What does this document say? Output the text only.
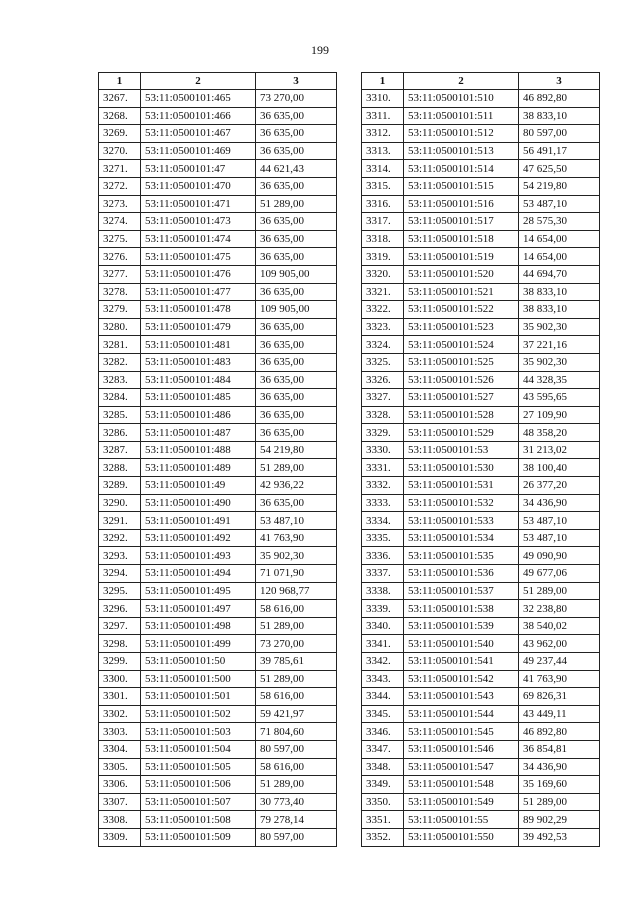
199
1	2	3
3267.	53:11:0500101:465	73 270,00
3268.	53:11:0500101:466	36 635,00
3269.	53:11:0500101:467	36 635,00
3270.	53:11:0500101:469	36 635,00
3271.	53:11:0500101:47	44 621,43
3272.	53:11:0500101:470	36 635,00
3273.	53:11:0500101:471	51 289,00
3274.	53:11:0500101:473	36 635,00
3275.	53:11:0500101:474	36 635,00
3276.	53:11:0500101:475	36 635,00
3277.	53:11:0500101:476	109 905,00
3278.	53:11:0500101:477	36 635,00
3279.	53:11:0500101:478	109 905,00
3280.	53:11:0500101:479	36 635,00
3281.	53:11:0500101:481	36 635,00
3282.	53:11:0500101:483	36 635,00
3283.	53:11:0500101:484	36 635,00
3284.	53:11:0500101:485	36 635,00
3285.	53:11:0500101:486	36 635,00
3286.	53:11:0500101:487	36 635,00
3287.	53:11:0500101:488	54 219,80
3288.	53:11:0500101:489	51 289,00
3289.	53:11:0500101:49	42 936,22
3290.	53:11:0500101:490	36 635,00
3291.	53:11:0500101:491	53 487,10
3292.	53:11:0500101:492	41 763,90
3293.	53:11:0500101:493	35 902,30
3294.	53:11:0500101:494	71 071,90
3295.	53:11:0500101:495	120 968,77
3296.	53:11:0500101:497	58 616,00
3297.	53:11:0500101:498	51 289,00
3298.	53:11:0500101:499	73 270,00
3299.	53:11:0500101:50	39 785,61
3300.	53:11:0500101:500	51 289,00
3301.	53:11:0500101:501	58 616,00
3302.	53:11:0500101:502	59 421,97
3303.	53:11:0500101:503	71 804,60
3304.	53:11:0500101:504	80 597,00
3305.	53:11:0500101:505	58 616,00
3306.	53:11:0500101:506	51 289,00
3307.	53:11:0500101:507	30 773,40
3308.	53:11:0500101:508	79 278,14
3309.	53:11:0500101:509	80 597,00
1	2	3
3310.	53:11:0500101:510	46 892,80
3311.	53:11:0500101:511	38 833,10
3312.	53:11:0500101:512	80 597,00
3313.	53:11:0500101:513	56 491,17
3314.	53:11:0500101:514	47 625,50
3315.	53:11:0500101:515	54 219,80
3316.	53:11:0500101:516	53 487,10
3317.	53:11:0500101:517	28 575,30
3318.	53:11:0500101:518	14 654,00
3319.	53:11:0500101:519	14 654,00
3320.	53:11:0500101:520	44 694,70
3321.	53:11:0500101:521	38 833,10
3322.	53:11:0500101:522	38 833,10
3323.	53:11:0500101:523	35 902,30
3324.	53:11:0500101:524	37 221,16
3325.	53:11:0500101:525	35 902,30
3326.	53:11:0500101:526	44 328,35
3327.	53:11:0500101:527	43 595,65
3328.	53:11:0500101:528	27 109,90
3329.	53:11:0500101:529	48 358,20
3330.	53:11:0500101:53	31 213,02
3331.	53:11:0500101:530	38 100,40
3332.	53:11:0500101:531	26 377,20
3333.	53:11:0500101:532	34 436,90
3334.	53:11:0500101:533	53 487,10
3335.	53:11:0500101:534	53 487,10
3336.	53:11:0500101:535	49 090,90
3337.	53:11:0500101:536	49 677,06
3338.	53:11:0500101:537	51 289,00
3339.	53:11:0500101:538	32 238,80
3340.	53:11:0500101:539	38 540,02
3341.	53:11:0500101:540	43 962,00
3342.	53:11:0500101:541	49 237,44
3343.	53:11:0500101:542	41 763,90
3344.	53:11:0500101:543	69 826,31
3345.	53:11:0500101:544	43 449,11
3346.	53:11:0500101:545	46 892,80
3347.	53:11:0500101:546	36 854,81
3348.	53:11:0500101:547	34 436,90
3349.	53:11:0500101:548	35 169,60
3350.	53:11:0500101:549	51 289,00
3351.	53:11:0500101:55	89 902,29
3352.	53:11:0500101:550	39 492,53
